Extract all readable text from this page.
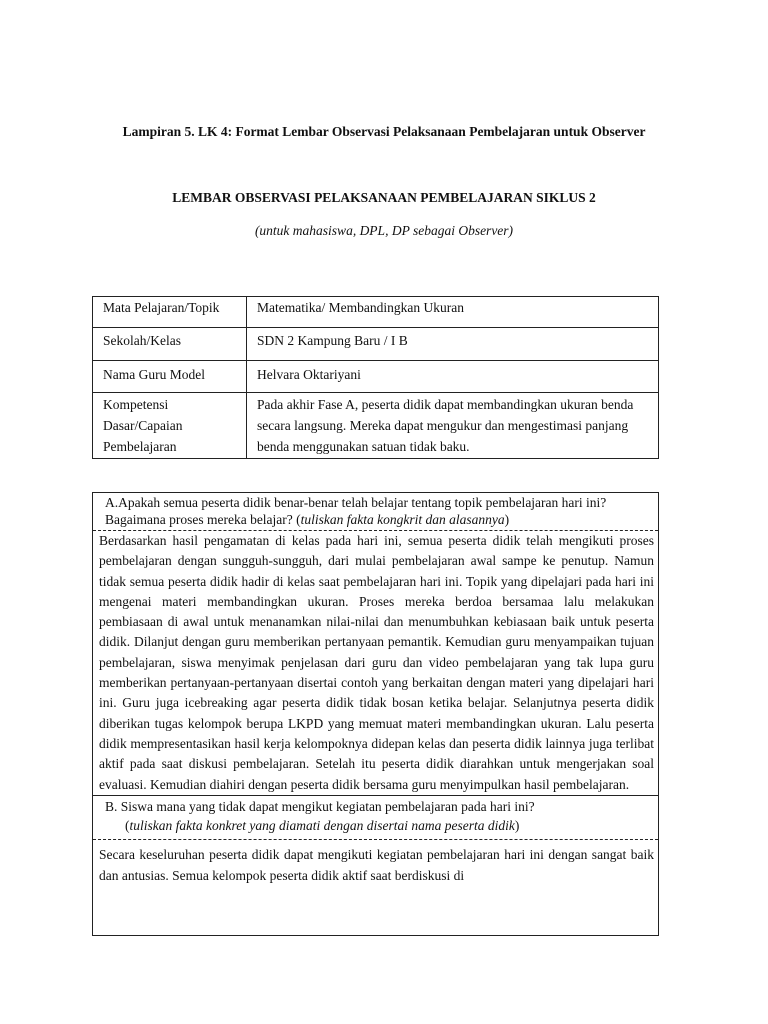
Lampiran 5. LK 4: Format Lembar Observasi Pelaksanaan Pembelajaran untuk Observer
LEMBAR OBSERVASI PELAKSANAAN PEMBELAJARAN SIKLUS 2
(untuk mahasiswa, DPL, DP sebagai Observer)
Mata Pelajaran/Topik	Matematika/ Membandingkan Ukuran
Sekolah/Kelas	SDN 2 Kampung Baru / I B
Nama Guru Model	Helvara Oktariyani
Kompetensi Dasar/Capaian Pembelajaran	Pada akhir Fase A, peserta didik dapat membandingkan ukuran benda secara langsung. Mereka dapat mengukur dan mengestimasi panjang benda menggunakan satuan tidak baku.
A.Apakah semua peserta didik benar-benar telah belajar tentang topik pembelajaran hari ini? Bagaimana proses mereka belajar? (tuliskan fakta kongkrit dan alasannya)
Berdasarkan hasil pengamatan di kelas pada hari ini, semua peserta didik telah mengikuti proses pembelajaran dengan sungguh-sungguh, dari mulai pembelajaran awal sampe ke penutup. Namun tidak semua peserta didik hadir di kelas saat pembelajaran hari ini. Topik yang dipelajari pada hari ini mengenai materi membandingkan ukuran. Proses mereka berdoa bersamaa lalu melakukan pembiasaan di awal untuk menanamkan nilai-nilai dan menumbuhkan kebiasaan baik untuk peserta didik. Dilanjut dengan guru memberikan pertanyaan pemantik. Kemudian guru menyampaikan tujuan pembelajaran, siswa menyimak penjelasan dari guru dan video pembelajaran yang tak lupa guru memberikan pertanyaan-pertanyaan disertai contoh yang berkaitan dengan materi yang dipelajari hari ini. Guru juga icebreaking agar peserta didik tidak bosan ketika belajar. Selanjutnya peserta didik diberikan tugas kelompok berupa LKPD yang memuat materi membandingkan ukuran. Lalu peserta didik mempresentasikan hasil kerja kelompoknya didepan kelas dan peserta didik lainnya juga terlibat aktif pada saat diskusi pembelajaran. Setelah itu peserta didik diarahkan untuk mengerjakan soal evaluasi. Kemudian diahiri dengan peserta didik bersama guru menyimpulkan hasil pembelajaran.
B. Siswa mana yang tidak dapat mengikut kegiatan pembelajaran pada hari ini?
(tuliskan fakta konkret yang diamati dengan disertai nama peserta didik)
Secara keseluruhan peserta didik dapat mengikuti kegiatan pembelajaran hari ini dengan sangat baik dan antusias. Semua kelompok peserta didik aktif saat berdiskusi di
